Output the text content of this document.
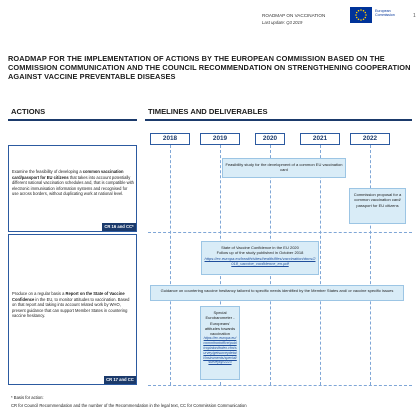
ROADMAP ON VACCINATION
Last update: Q3 2019
European Commission	1
ROADMAP FOR THE IMPLEMENTATION OF ACTIONS BY THE EUROPEAN COMMISSION BASED ON THE COMMISSION COMMUNICATION AND THE COUNCIL RECOMMENDATION ON STRENGTHENING COOPERATION AGAINST VACCINE PREVENTABLE DISEASES
ACTIONS	TIMELINES AND DELIVERABLES
2018	2019	2020	2021	2022
Examine the feasibility of developing a common vaccination card/passport for EU citizens that takes into account potentially different national vaccination schedules and, that is compatible with electronic immunisation information systems and recognised for use across borders, without duplicating work at national level.
CR 16 and CC*
Feasibility study for the development of a common EU vaccination card
Commission proposal for a common vaccination card/ passport for EU citizens
Produce on a regular basis a Report on the State of Vaccine Confidence in the EU, to monitor attitudes to vaccination. Based on that report and taking into account related work by WHO, present guidance that can support Member States in countering vaccine hesitancy.
CR 17 and CC
State of Vaccine Confidence in the EU 2020
Follow up of the study published in October 2018
https://ec.europa.eu/health/sites/health/files/vaccination/docs/2018_vaccine_confidence_en.pdf
Guidance on countering vaccine hesitancy tailored to specific needs identified by the Member States and/ or vaccine specific issues
Special Eurobarometer - Europeans' attitudes towards vaccination
https://ec.europa.eu/commfrontoffice/publicopinion/index.cfm/survey/getsurveydetail/instruments/special/surveyky/2223
* Basis for action:
CR for Council Recommendation and the number of the Recommendation in the legal text, CC for Commission Communication
